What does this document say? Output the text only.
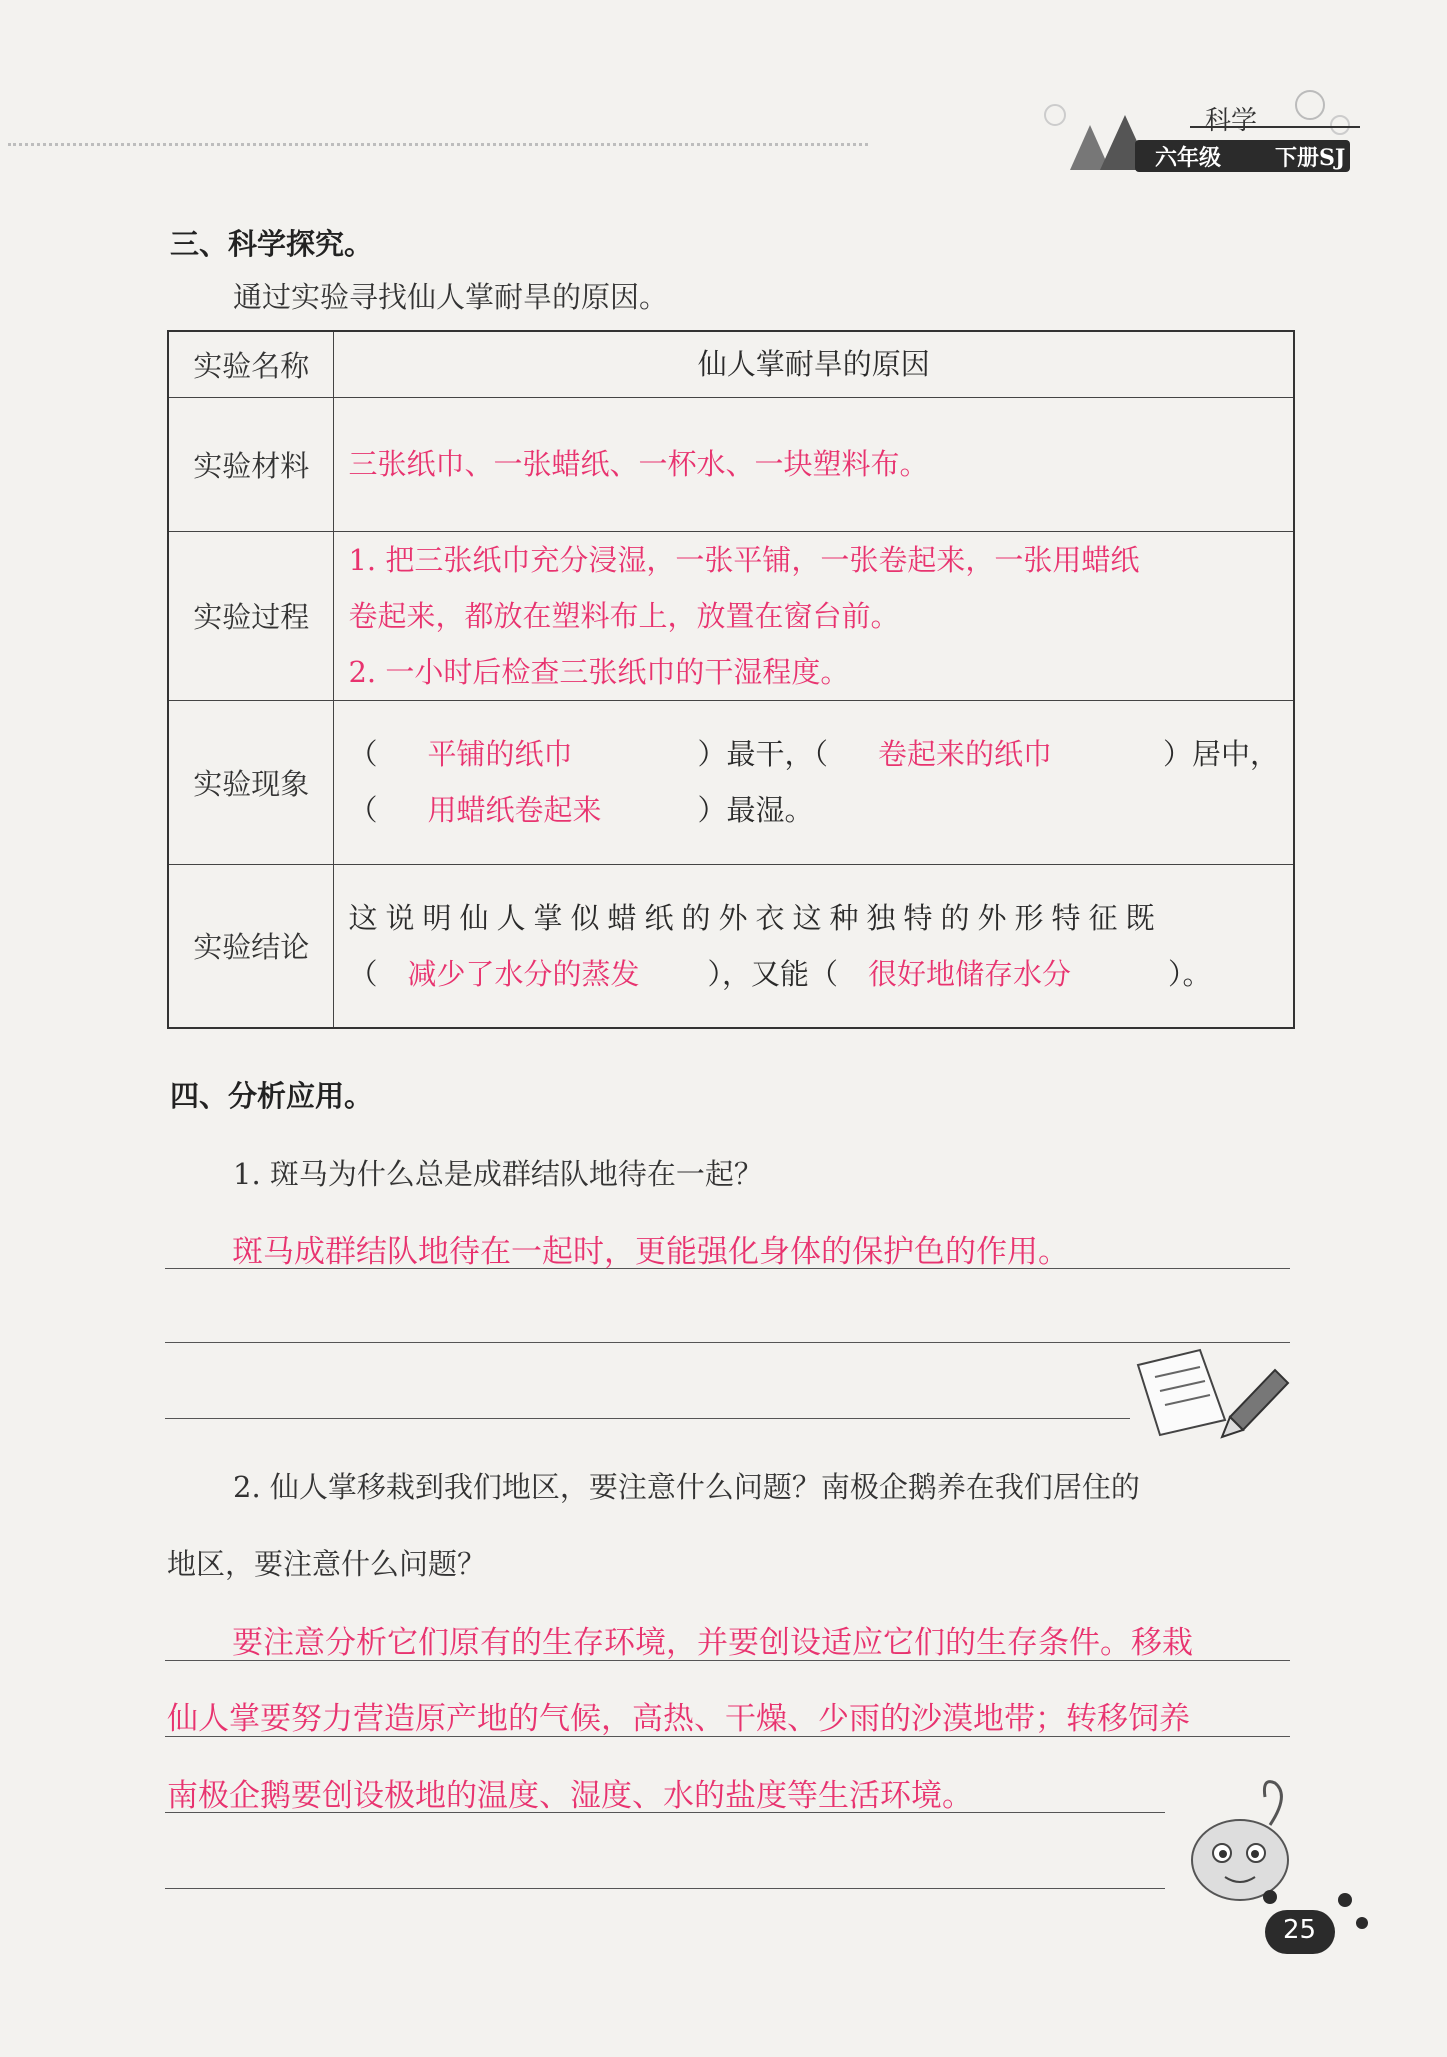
科学
六年级 下册SJ
三、科学探究。
通过实验寻找仙人掌耐旱的原因。
实验名称	仙人掌耐旱的原因
实验材料	三张纸巾、一张蜡纸、一杯水、一块塑料布。
实验过程	1. 把三张纸巾充分浸湿，一张平铺，一张卷起来，一张用蜡纸
卷起来，都放在塑料布上，放置在窗台前。
2. 一小时后检查三张纸巾的干湿程度。

实验现象	（ 平铺的纸巾 ）最干，（ 卷起来的纸巾 ）居中，
（ 用蜡纸卷起来 ）最湿。

实验结论	这说明仙人掌似蜡纸的外衣这种独特的外形特征既
（ 减少了水分的蒸发 ），又能（ 很好地储存水分 ）。
四、分析应用。
1. 斑马为什么总是成群结队地待在一起？
斑马成群结队地待在一起时，更能强化身体的保护色的作用。
2. 仙人掌移栽到我们地区，要注意什么问题？南极企鹅养在我们居住的
地区，要注意什么问题？
要注意分析它们原有的生存环境，并要创设适应它们的生存条件。移栽
仙人掌要努力营造原产地的气候，高热、干燥、少雨的沙漠地带；转移饲养
南极企鹅要创设极地的温度、湿度、水的盐度等生活环境。
25
